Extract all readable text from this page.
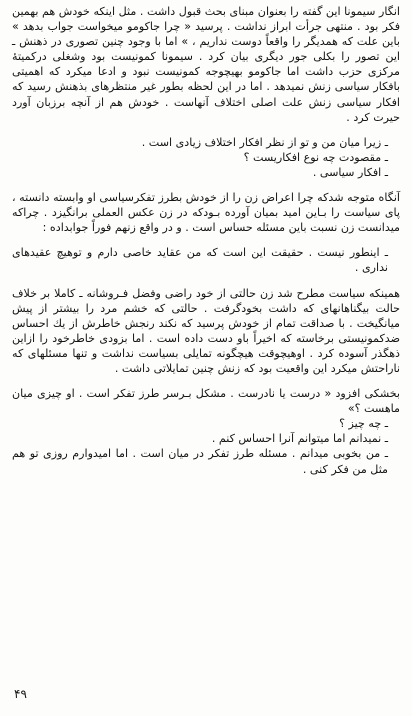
انگار سیمونا این گفته را بعنوان مبنای بحث قبول داشت . مثل اینکه خودش هم بهمین فکر بود . منتهی جرأت ابراز نداشت . پرسید « چرا جاکومو میخواست جواب بدهد » باین علت که همدیگر را واقعاً دوست نداریم ، » اما با وجود چنین تصوری در ذهنش ـ این تصور را بکلی جور دیگری بیان کرد . سیمونا کمونیست بود وشغلی درکمیتهٔ مرکزی حزب داشت اما جاکومو بهیچوجه کمونیست نبود و ادعا میکرد که اهمیتی بافکار سیاسی زنش نمیدهد . اما در این لحظه بطور غیر منتظرهای بذهنش رسید که افکار سیاسی زنش علت اصلی اختلاف آنهاست . خودش هم از آنچه برزبان آورد حیرت کرد .

ـ زیرا میان من و تو از نظر افکار اختلاف زیادی است .

ـ مقصودت چه نوع افکاریست ؟

ـ افکار سیاسی .

آنگاه متوجه شدکه چرا اعراض زن را از خودش بطرز تفکرسیاسی او وابسته دانسته ، پای سیاست را بـاین امید بمیان آورده بـودکه در زن عکس العملی برانگیزد . چراکه میدانست زن نسبت باین مسئله حساس است . و در واقع زنهم فوراً جوابداده :

ـ اینطور نیست . حقیقت این است که من عقاید خاصی دارم و توهیچ عقیدهای نداری .

همینکه سیاست مطرح شد زن حالتی از خود راضی وفضل فـروشانه ـ کاملا بر خلاف حالت بیگناهانهای که داشت بخودگرفت . حالتی که خشم مرد را بیشتر از پیش میانگیخت . با صداقت تمام از خودش پرسید که نکند رنجش خاطرش از یك احساس ضدکمونیستی برخاسته که اخیراً باو دست داده است . اما بزودی خاطرخود را ازاین ذهگذر آسوده کرد . اوهیچوقت هیچگونه تمایلی بسیاست نداشت و تنها مسئلهای که ناراحتش میکرد این واقعیت بود که زنش چنین تمایلاتی داشت .

بخشکی افزود « درست یا نادرست . مشکل بـرسر طرز تفکر است . او چیزی میان ماهست ؟»

ـ چه چیز ؟

ـ نمیدانم اما میتوانم آنرا احساس کنم .

ـ من بخوبی میدانم . مسئله طرز تفکر در میان است . اما امیدوارم روزی تو هم مثل من فکر کنی .

۴۹
